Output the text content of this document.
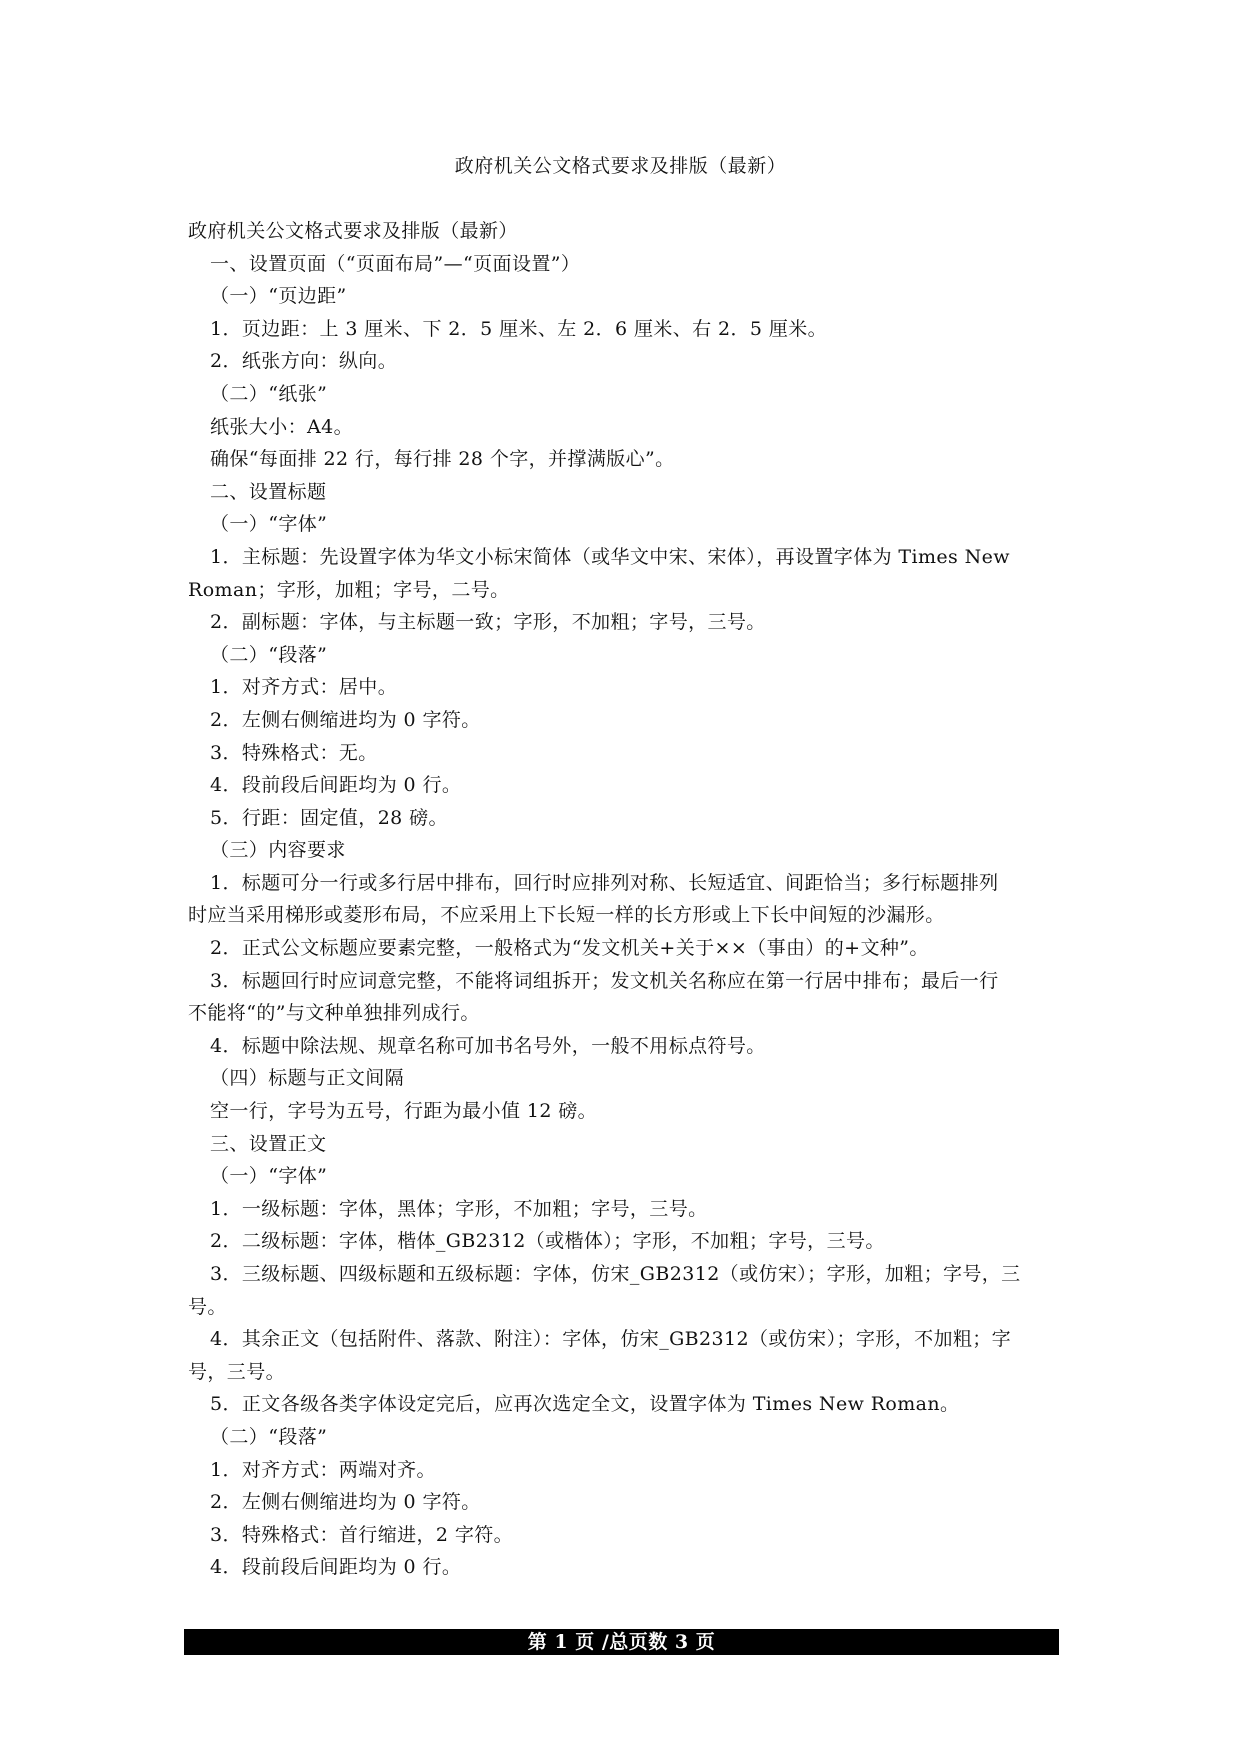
政府机关公文格式要求及排版（最新）

政府机关公文格式要求及排版（最新）

一、设置页面（“页面布局”—“页面设置”）

（一）“页边距”

1．页边距：上 3 厘米、下 2．5 厘米、左 2．6 厘米、右 2．5 厘米。

2．纸张方向：纵向。

（二）“纸张”

纸张大小：A4。

确保“每面排 22 行，每行排 28 个字，并撑满版心”。

二、设置标题

（一）“字体”

1．主标题：先设置字体为华文小标宋简体（或华文中宋、宋体），再设置字体为 Times New

Roman；字形，加粗；字号，二号。

2．副标题：字体，与主标题一致；字形，不加粗；字号，三号。

（二）“段落”

1．对齐方式：居中。

2．左侧右侧缩进均为 0 字符。

3．特殊格式：无。

4．段前段后间距均为 0 行。

5．行距：固定值，28 磅。

（三）内容要求

1．标题可分一行或多行居中排布，回行时应排列对称、长短适宜、间距恰当；多行标题排列

时应当采用梯形或菱形布局，不应采用上下长短一样的长方形或上下长中间短的沙漏形。

2．正式公文标题应要素完整，一般格式为“发文机关+关于××（事由）的+文种”。

3．标题回行时应词意完整，不能将词组拆开；发文机关名称应在第一行居中排布；最后一行

不能将“的”与文种单独排列成行。

4．标题中除法规、规章名称可加书名号外，一般不用标点符号。

（四）标题与正文间隔

空一行，字号为五号，行距为最小值 12 磅。

三、设置正文

（一）“字体”

1．一级标题：字体，黑体；字形，不加粗；字号，三号。

2．二级标题：字体，楷体_GB2312（或楷体）；字形，不加粗；字号，三号。

3．三级标题、四级标题和五级标题：字体，仿宋_GB2312（或仿宋）；字形，加粗；字号，三

号。

4．其余正文（包括附件、落款、附注）：字体，仿宋_GB2312（或仿宋）；字形，不加粗；字

号，三号。

5．正文各级各类字体设定完后，应再次选定全文，设置字体为 Times New Roman。

（二）“段落”

1．对齐方式：两端对齐。

2．左侧右侧缩进均为 0 字符。

3．特殊格式：首行缩进，2 字符。

4．段前段后间距均为 0 行。

第 1 页 /总页数 3 页
